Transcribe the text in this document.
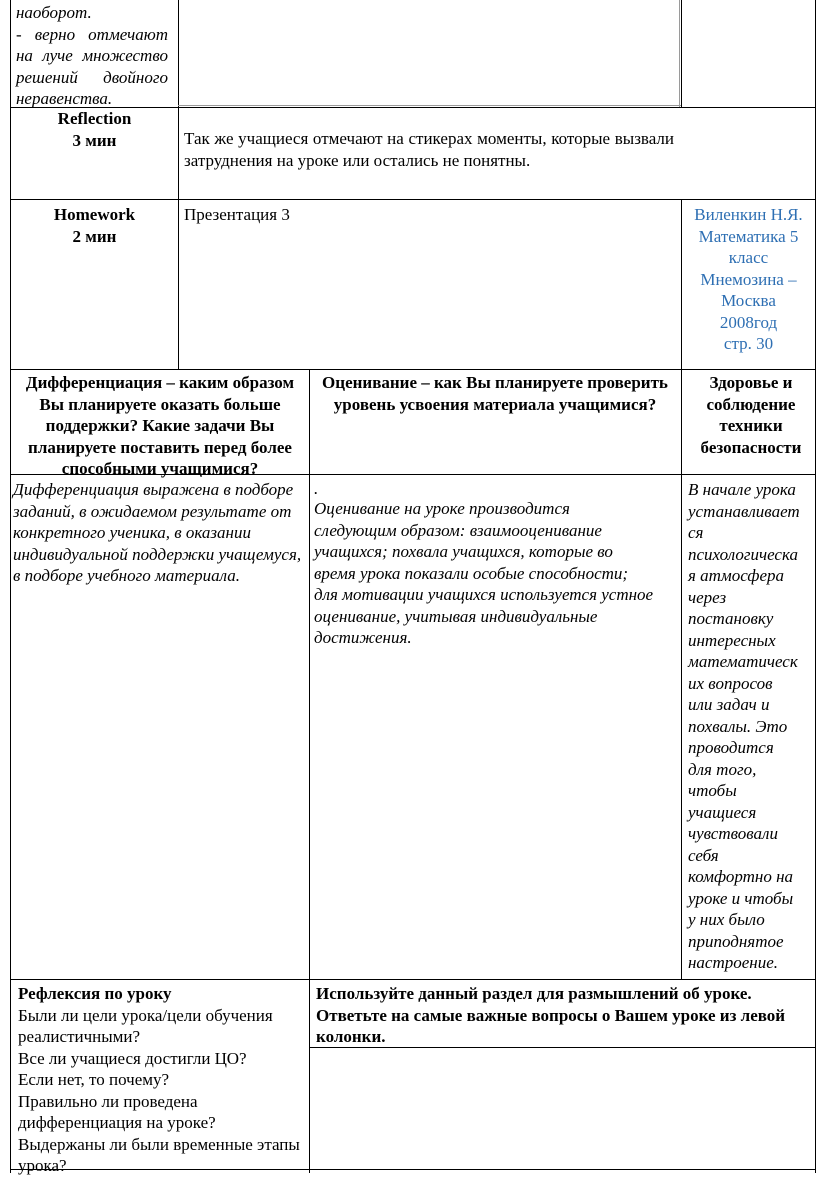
наоборот.

- верно отмечают на луче множество решений двойного неравенства.

Reflection

3 мин	Так же учащиеся отмечают на стикерах моменты, которые вызвали затруднения на уроке или остались не понятны.

Homework

2 мин

Презентация 3	Виленкин Н.Я.

Математика 5

класс

Мнемозина –

Москва

2008год

стр. 30

Дифференциация – каким образом Вы планируете оказать больше поддержки? Какие задачи Вы планируете поставить перед более способными учащимися?

Оценивание – как Вы планируете проверить уровень усвоения материала учащимися?

Здоровье и соблюдение техники безопасности

Дифференциация выражена в подборе заданий, в ожидаемом результате от конкретного ученика, в оказании индивидуальной поддержки учащемуся, в подборе учебного материала.

.

Оценивание на уроке производится следующим образом: взаимооценивание учащихся; похвала учащихся, которые во время урока показали особые способности; для мотивации учащихся используется устное оценивание, учитывая индивидуальные достижения.

В начале урока

устанавливает

ся

психологическа

я атмосфера

через

постановку

интересных

математическ

их вопросов

или задач и

похвалы. Это

проводится

для того,

чтобы

учащиеся

чувствовали

себя

комфортно на

уроке и чтобы

у них было

приподнятое

настроение.

Рефлексия по уроку

Были ли цели урока/цели обучения реалистичными?

Все ли учащиеся достигли ЦО?

Если нет, то почему?

Правильно ли проведена дифференциация на уроке?

Выдержаны ли были временные этапы урока?

Используйте данный раздел для размышлений об уроке. Ответьте на самые важные вопросы о Вашем уроке из левой колонки.
